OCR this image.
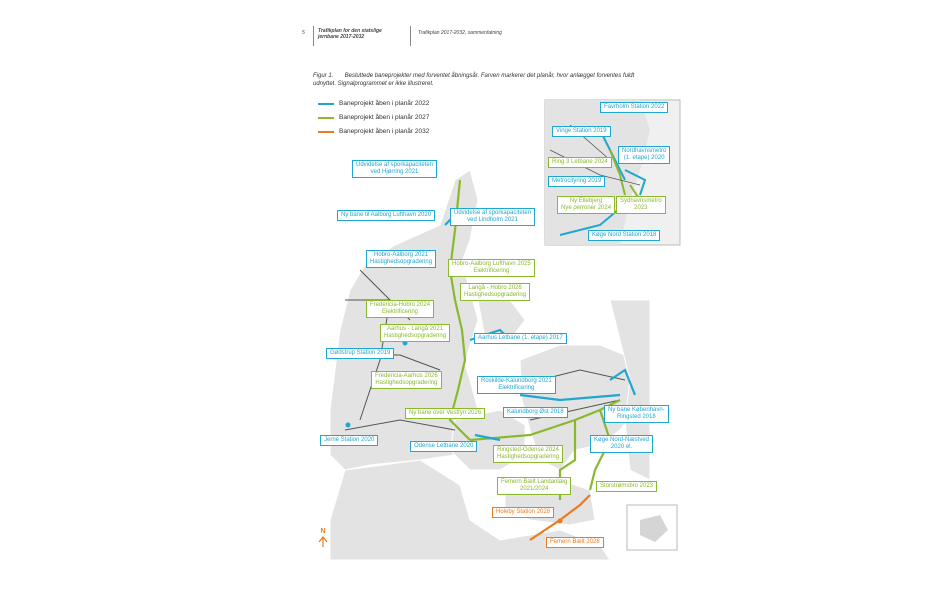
5	Trafikplan for den statslige
jernbane 2017-2032
Trafikplan 2017-2032, sammenfatning
Figur 1. Besluttede baneprojekter med forventet åbningsår. Farven markerer det planår, hvor anlægget forventes fuldt udnyttet. Signalprogrammet er ikke illustreret.
Baneprojekt åben i planår 2022
Baneprojekt åben i planår 2027
Baneprojekt åben i planår 2032
N
Udvidelse af sporkapaciteten
ved Hjørring 2021
Ny bane til Aalborg Lufthavn 2020	Udvidelse af sporkapaciteten
ved Lindholm 2021
Hobro-Aalborg 2021
Hastighedsopgradering	Hobro-Aalborg Lufthavn 2025
Elektrificering
Langå - Hobro 2026
Hastighedsopgradering
Fredericia-Hobro 2024
Elektrificering
Aarhus - Langå 2021
Hastighedsopgradering	Aarhus Letbane (1. etape) 2017
Gødstrup Station 2019
Fredericia-Aarhus 2026
Hastighedsopgradering	Roskilde-Kalundborg 2021
Elektrificering
Ny bane over Vestfyn 2026	Kalundborg Øst 2018	Ny bane København-
Ringsted 2018
Jerne Station 2020
Odense Letbane 2020
Ringsted-Odense 2024
Hastighedsopgradering
Køge Nord-Næstved
2020 el.
Storstrømsbro 2023
Femern Bælt Landanlæg
2021/2024
Holeby Station 2028
Femern Bælt 2028
Favrholm Station 2022
Vinge Station 2019
Nordhavnsmetro
(1. etape) 2020
Ring 3 Letbane 2024
Metrocityring 2019
Ny Ellebjerg
Nye perroner 2024
Sydhavnsmetro
2023
Køge Nord Station 2018
